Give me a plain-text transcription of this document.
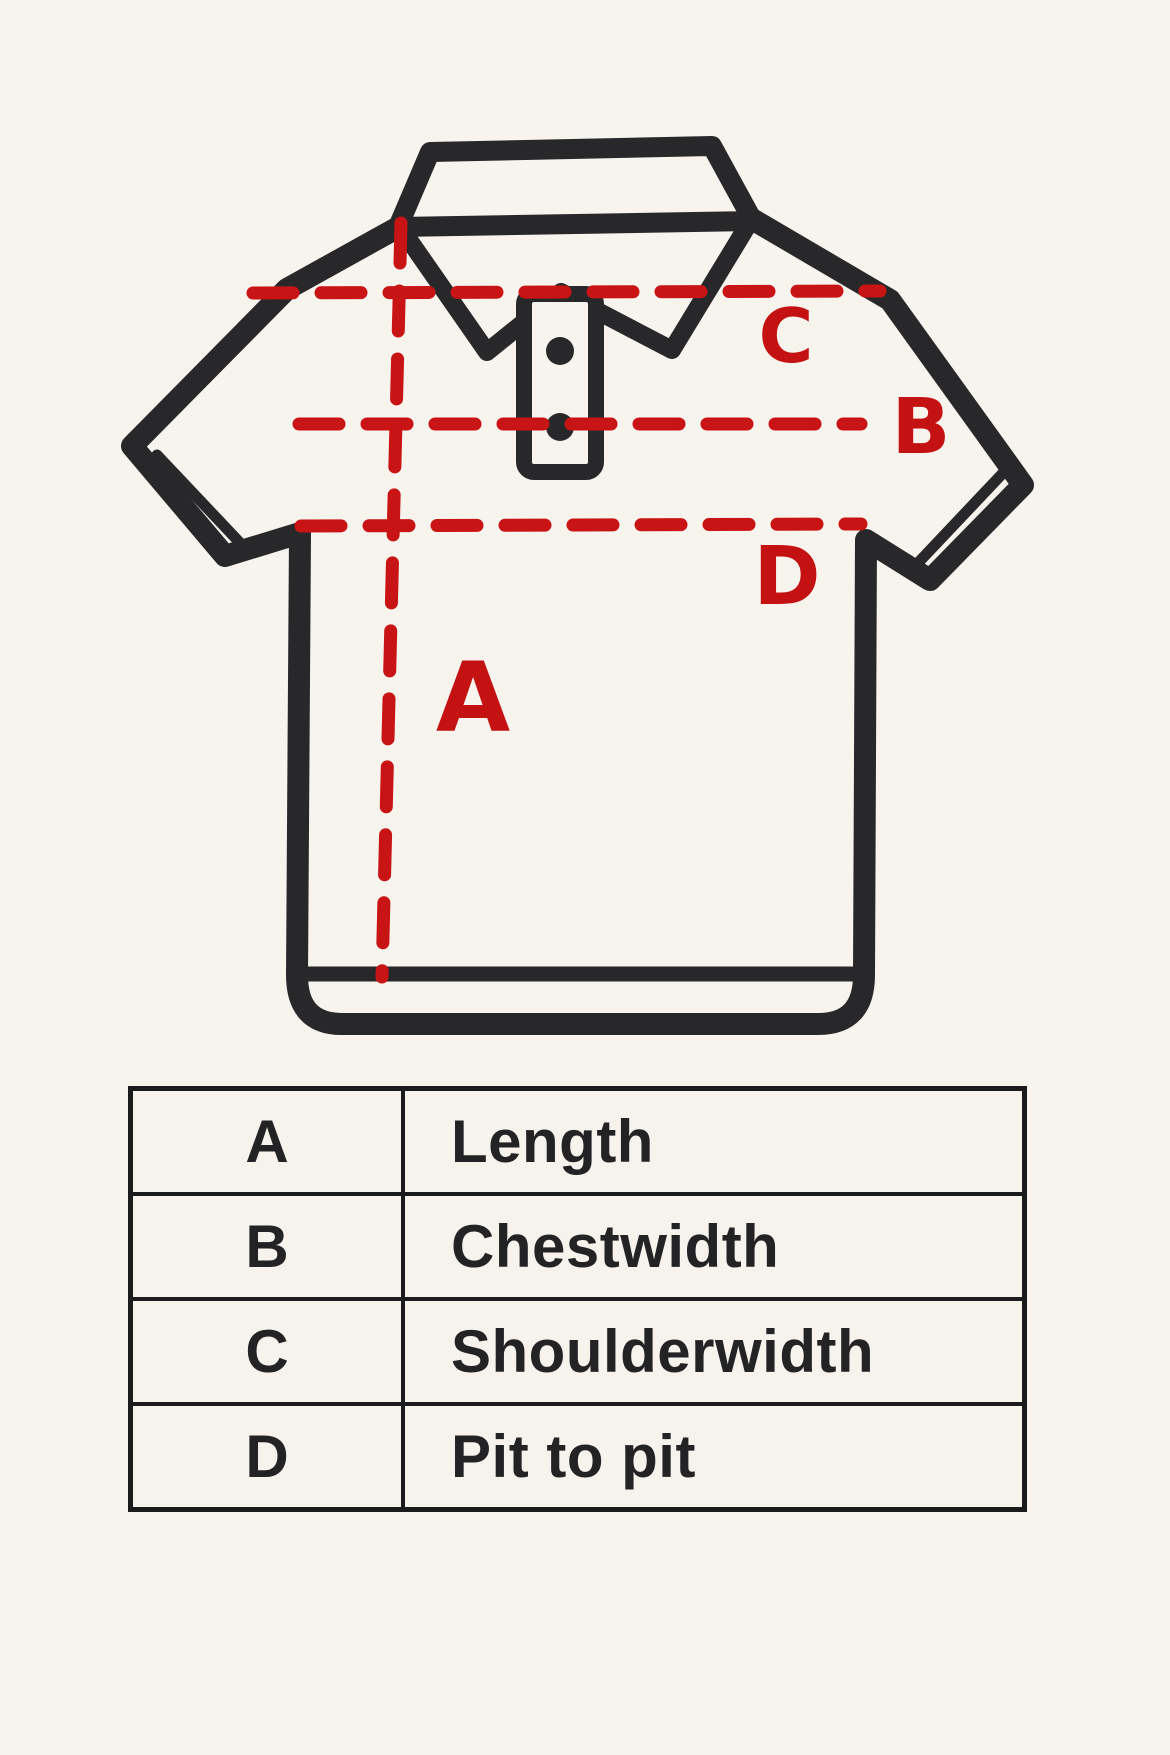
C
B
D
A
A	Length
B	Chestwidth
C	Shoulderwidth
D	Pit to pit
